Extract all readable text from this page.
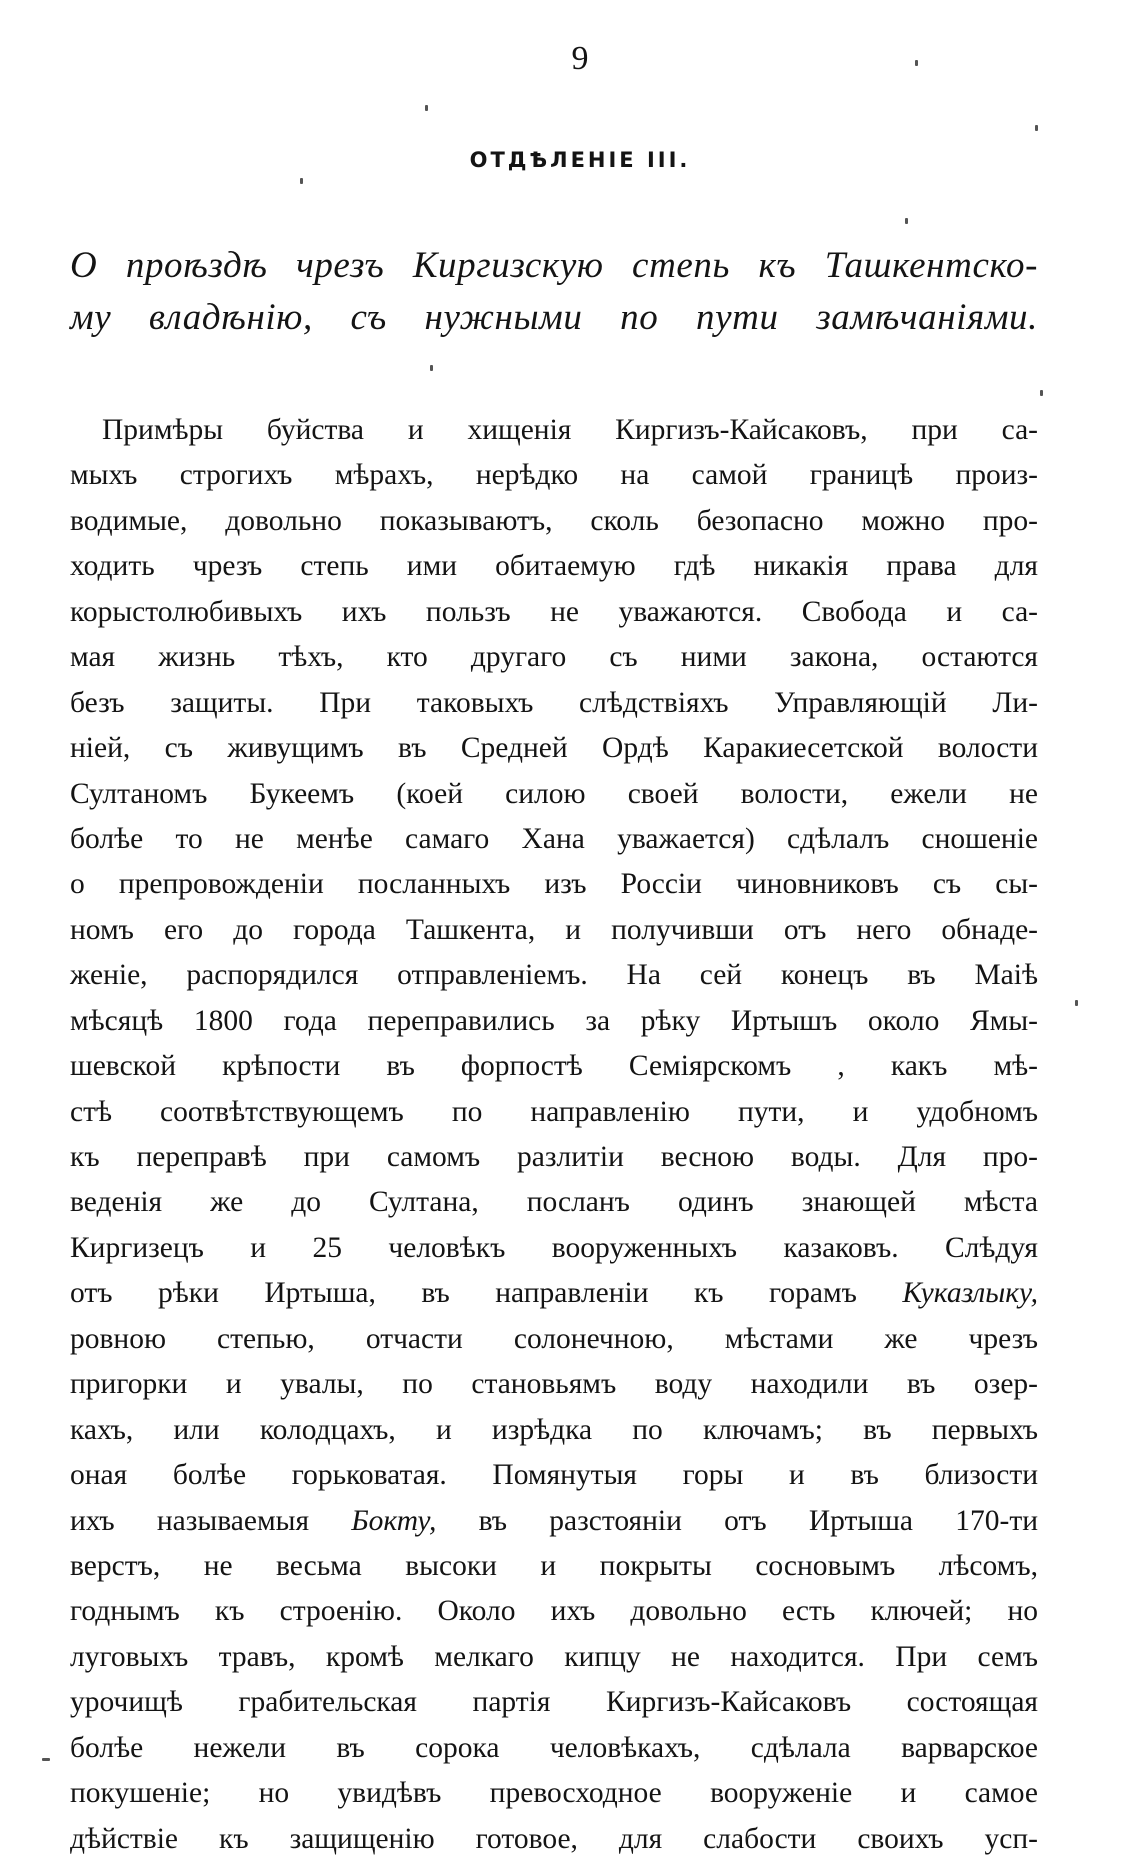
9
ОТДѢЛЕНІЕ III.
О проѣздѣ чрезъ Киргизскую степь къ Ташкентско-
му владѣнію, съ нужными по пути замѣчаніями.
Примѣры буйства и хищенія Киргизъ-Кайсаковъ, при са-
мыхъ строгихъ мѣрахъ, нерѣдко на самой границѣ произ-
водимые, довольно показываютъ, сколь безопасно можно про-
ходить чрезъ степь ими обитаемую гдѣ никакія права для
корыстолюбивыхъ ихъ пользъ не уважаются. Свобода и са-
мая жизнь тѣхъ, кто другаго съ ними закона, остаются
безъ защиты. При таковыхъ слѣдствіяхъ Управляющій Ли-
ніей, съ живущимъ въ Средней Ордѣ Каракиесетской волости
Султаномъ Букеемъ (коей силою своей волости, ежели не
болѣе то не менѣе самаго Хана уважается) сдѣлалъ сношеніе
о препровожденіи посланныхъ изъ Россіи чиновниковъ съ сы-
номъ его до города Ташкента, и получивши отъ него обнаде-
женіе, распорядился отправленіемъ. На сей конецъ въ Маіѣ
мѣсяцѣ 1800 года переправились за рѣку Иртышъ около Ямы-
шевской крѣпости въ форпостѣ Семіярскомъ , какъ мѣ-
стѣ соотвѣтствующемъ по направленію пути, и удобномъ
къ переправѣ при самомъ разлитіи весною воды. Для про-
веденія же до Султана, посланъ одинъ знающей мѣста
Киргизецъ и 25 человѣкъ вооруженныхъ казаковъ. Слѣдуя
отъ рѣки Иртыша, въ направленіи къ горамъ Куказлыку,
ровною степью, отчасти солонечною, мѣстами же чрезъ
пригорки и увалы, по становьямъ воду находили въ озер-
кахъ, или колодцахъ, и изрѣдка по ключамъ; въ первыхъ
оная болѣе горьковатая. Помянутыя горы и въ близости
ихъ называемыя Бокту, въ разстояніи отъ Иртыша 170-ти
верстъ, не весьма высоки и покрыты сосновымъ лѣсомъ,
годнымъ къ строенію. Около ихъ довольно есть ключей; но
луговыхъ травъ, кромѣ мелкаго кипцу не находится. При семъ
урочищѣ грабительская партія Киргизъ-Кайсаковъ состоящая
болѣе нежели въ сорока человѣкахъ, сдѣлала варварское
покушеніе; но увидѣвъ превосходное вооруженіе и самое
дѣйствіе къ защищенію готовое, для слабости своихъ усп-
